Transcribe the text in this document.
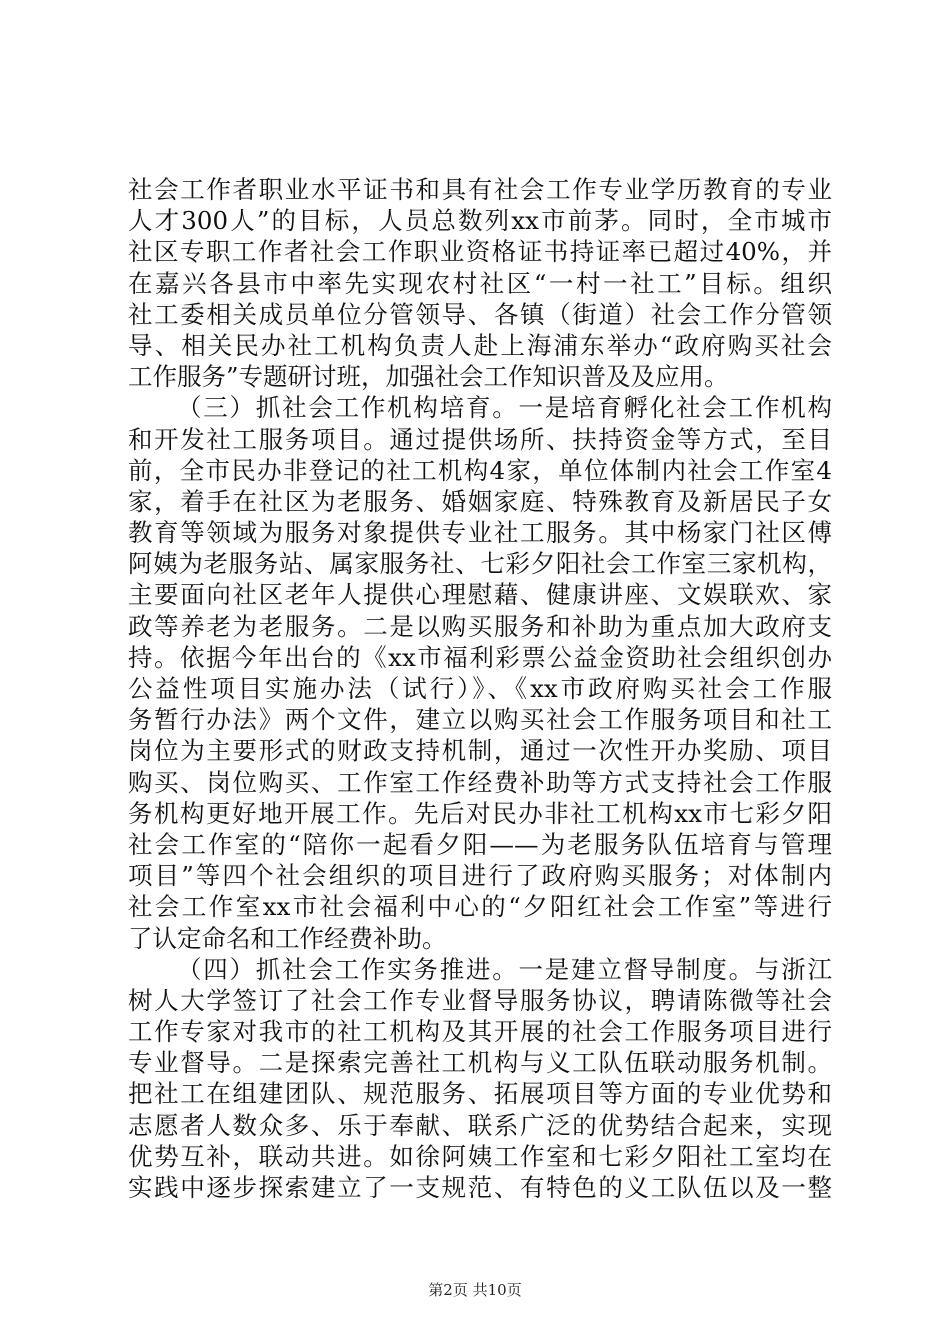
社会工作者职业水平证书和具有社会工作专业学历教育的专业
人才300人”的目标，人员总数列xx市前茅。同时，全市城市
社区专职工作者社会工作职业资格证书持证率已超过40%，并
在嘉兴各县市中率先实现农村社区“一村一社工”目标。组织
社工委相关成员单位分管领导、各镇（街道）社会工作分管领
导、相关民办社工机构负责人赴上海浦东举办“政府购买社会
工作服务”专题研讨班，加强社会工作知识普及及应用。
（三）抓社会工作机构培育。一是培育孵化社会工作机构
和开发社工服务项目。通过提供场所、扶持资金等方式，至目
前，全市民办非登记的社工机构4家，单位体制内社会工作室4
家，着手在社区为老服务、婚姻家庭、特殊教育及新居民子女
教育等领域为服务对象提供专业社工服务。其中杨家门社区傅
阿姨为老服务站、属家服务社、七彩夕阳社会工作室三家机构，
主要面向社区老年人提供心理慰藉、健康讲座、文娱联欢、家
政等养老为老服务。二是以购买服务和补助为重点加大政府支
持。依据今年出台的《xx市福利彩票公益金资助社会组织创办
公益性项目实施办法（试行）》、《xx市政府购买社会工作服
务暂行办法》两个文件，建立以购买社会工作服务项目和社工
岗位为主要形式的财政支持机制，通过一次性开办奖励、项目
购买、岗位购买、工作室工作经费补助等方式支持社会工作服
务机构更好地开展工作。先后对民办非社工机构xx市七彩夕阳
社会工作室的“陪你一起看夕阳——为老服务队伍培育与管理
项目”等四个社会组织的项目进行了政府购买服务；对体制内
社会工作室xx市社会福利中心的“夕阳红社会工作室”等进行
了认定命名和工作经费补助。
（四）抓社会工作实务推进。一是建立督导制度。与浙江
树人大学签订了社会工作专业督导服务协议，聘请陈微等社会
工作专家对我市的社工机构及其开展的社会工作服务项目进行
专业督导。二是探索完善社工机构与义工队伍联动服务机制。
把社工在组建团队、规范服务、拓展项目等方面的专业优势和
志愿者人数众多、乐于奉献、联系广泛的优势结合起来，实现
优势互补，联动共进。如徐阿姨工作室和七彩夕阳社工室均在
实践中逐步探索建立了一支规范、有特色的义工队伍以及一整
第2页 共10页
